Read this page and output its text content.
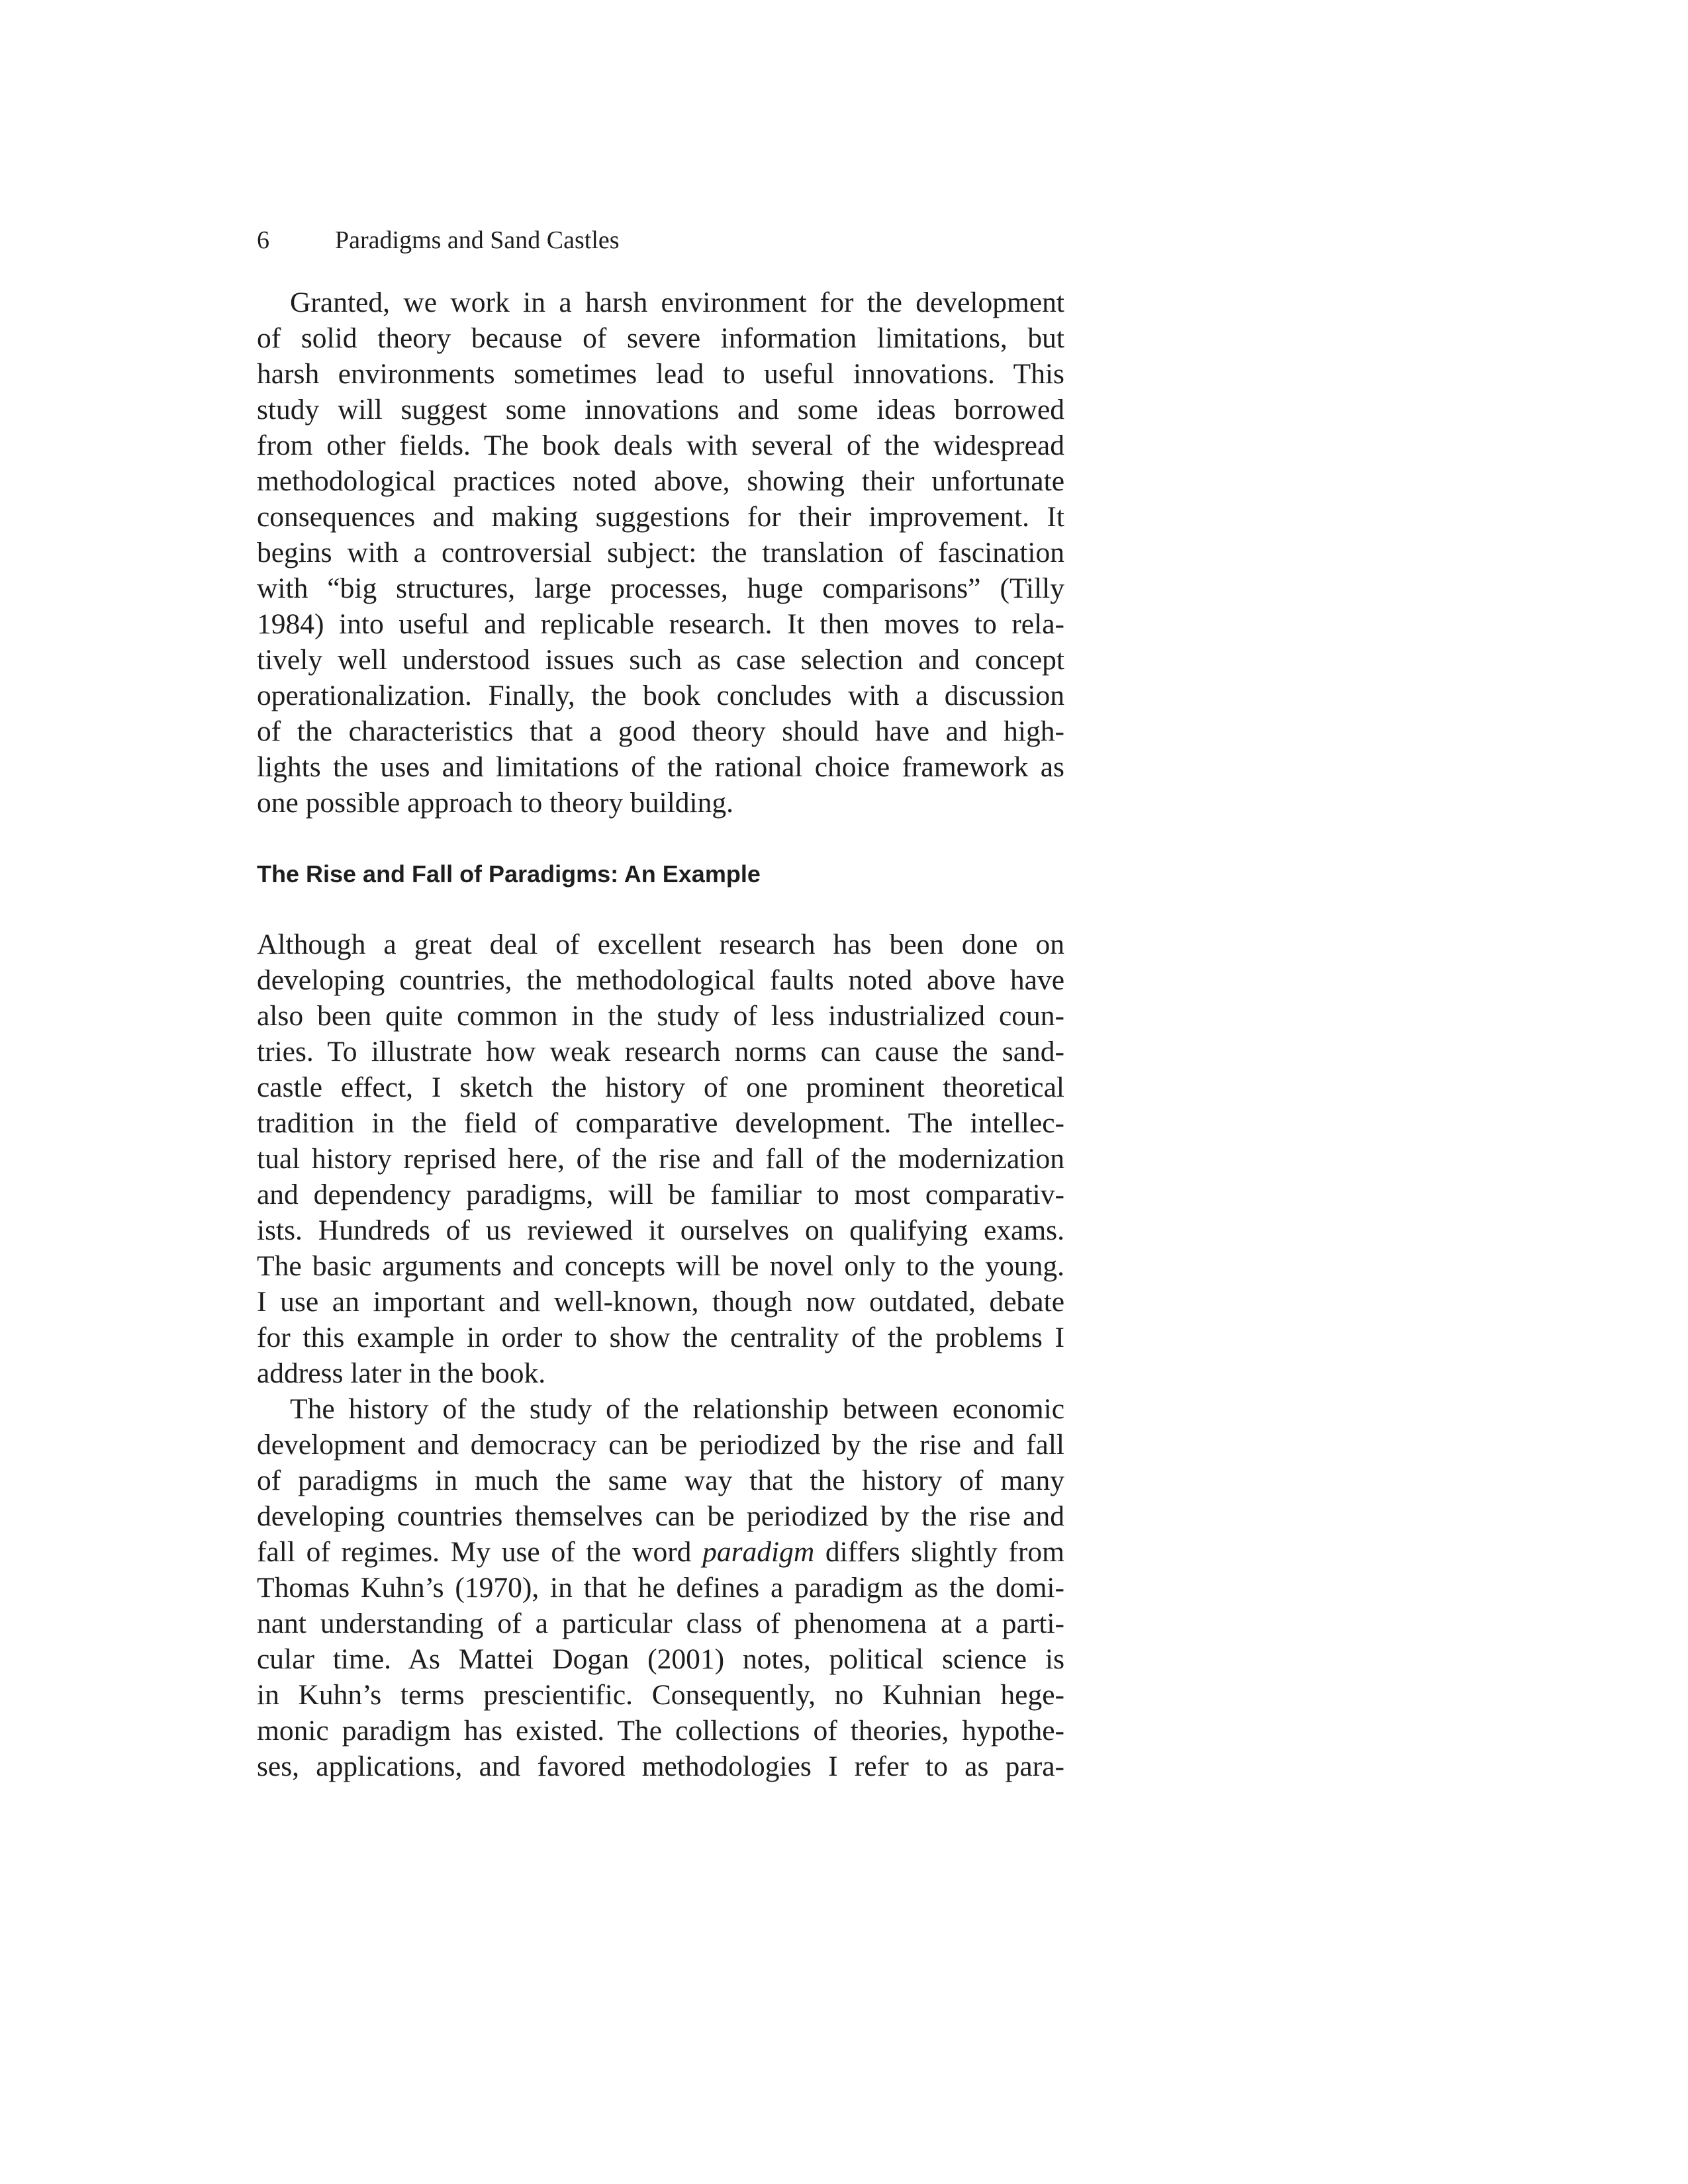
6	Paradigms and Sand Castles

Granted, we work in a harsh environment for the development
of solid theory because of severe information limitations, but
harsh environments sometimes lead to useful innovations. This
study will suggest some innovations and some ideas borrowed
from other fields. The book deals with several of the widespread
methodological practices noted above, showing their unfortunate
consequences and making suggestions for their improvement. It
begins with a controversial subject: the translation of fascination
with “big structures, large processes, huge comparisons” (Tilly
1984) into useful and replicable research. It then moves to rela-
tively well understood issues such as case selection and concept
operationalization. Finally, the book concludes with a discussion
of the characteristics that a good theory should have and high-
lights the uses and limitations of the rational choice framework as
one possible approach to theory building.

The Rise and Fall of Paradigms: An Example

Although a great deal of excellent research has been done on
developing countries, the methodological faults noted above have
also been quite common in the study of less industrialized coun-
tries. To illustrate how weak research norms can cause the sand-
castle effect, I sketch the history of one prominent theoretical
tradition in the field of comparative development. The intellec-
tual history reprised here, of the rise and fall of the modernization
and dependency paradigms, will be familiar to most comparativ-
ists. Hundreds of us reviewed it ourselves on qualifying exams.
The basic arguments and concepts will be novel only to the young.
I use an important and well-known, though now outdated, debate
for this example in order to show the centrality of the problems I
address later in the book.

The history of the study of the relationship between economic
development and democracy can be periodized by the rise and fall
of paradigms in much the same way that the history of many
developing countries themselves can be periodized by the rise and
fall of regimes. My use of the word paradigm differs slightly from
Thomas Kuhn’s (1970), in that he defines a paradigm as the domi-
nant understanding of a particular class of phenomena at a parti-
cular time. As Mattei Dogan (2001) notes, political science is
in Kuhn’s terms prescientific. Consequently, no Kuhnian hege-
monic paradigm has existed. The collections of theories, hypothe-
ses, applications, and favored methodologies I refer to as para-
